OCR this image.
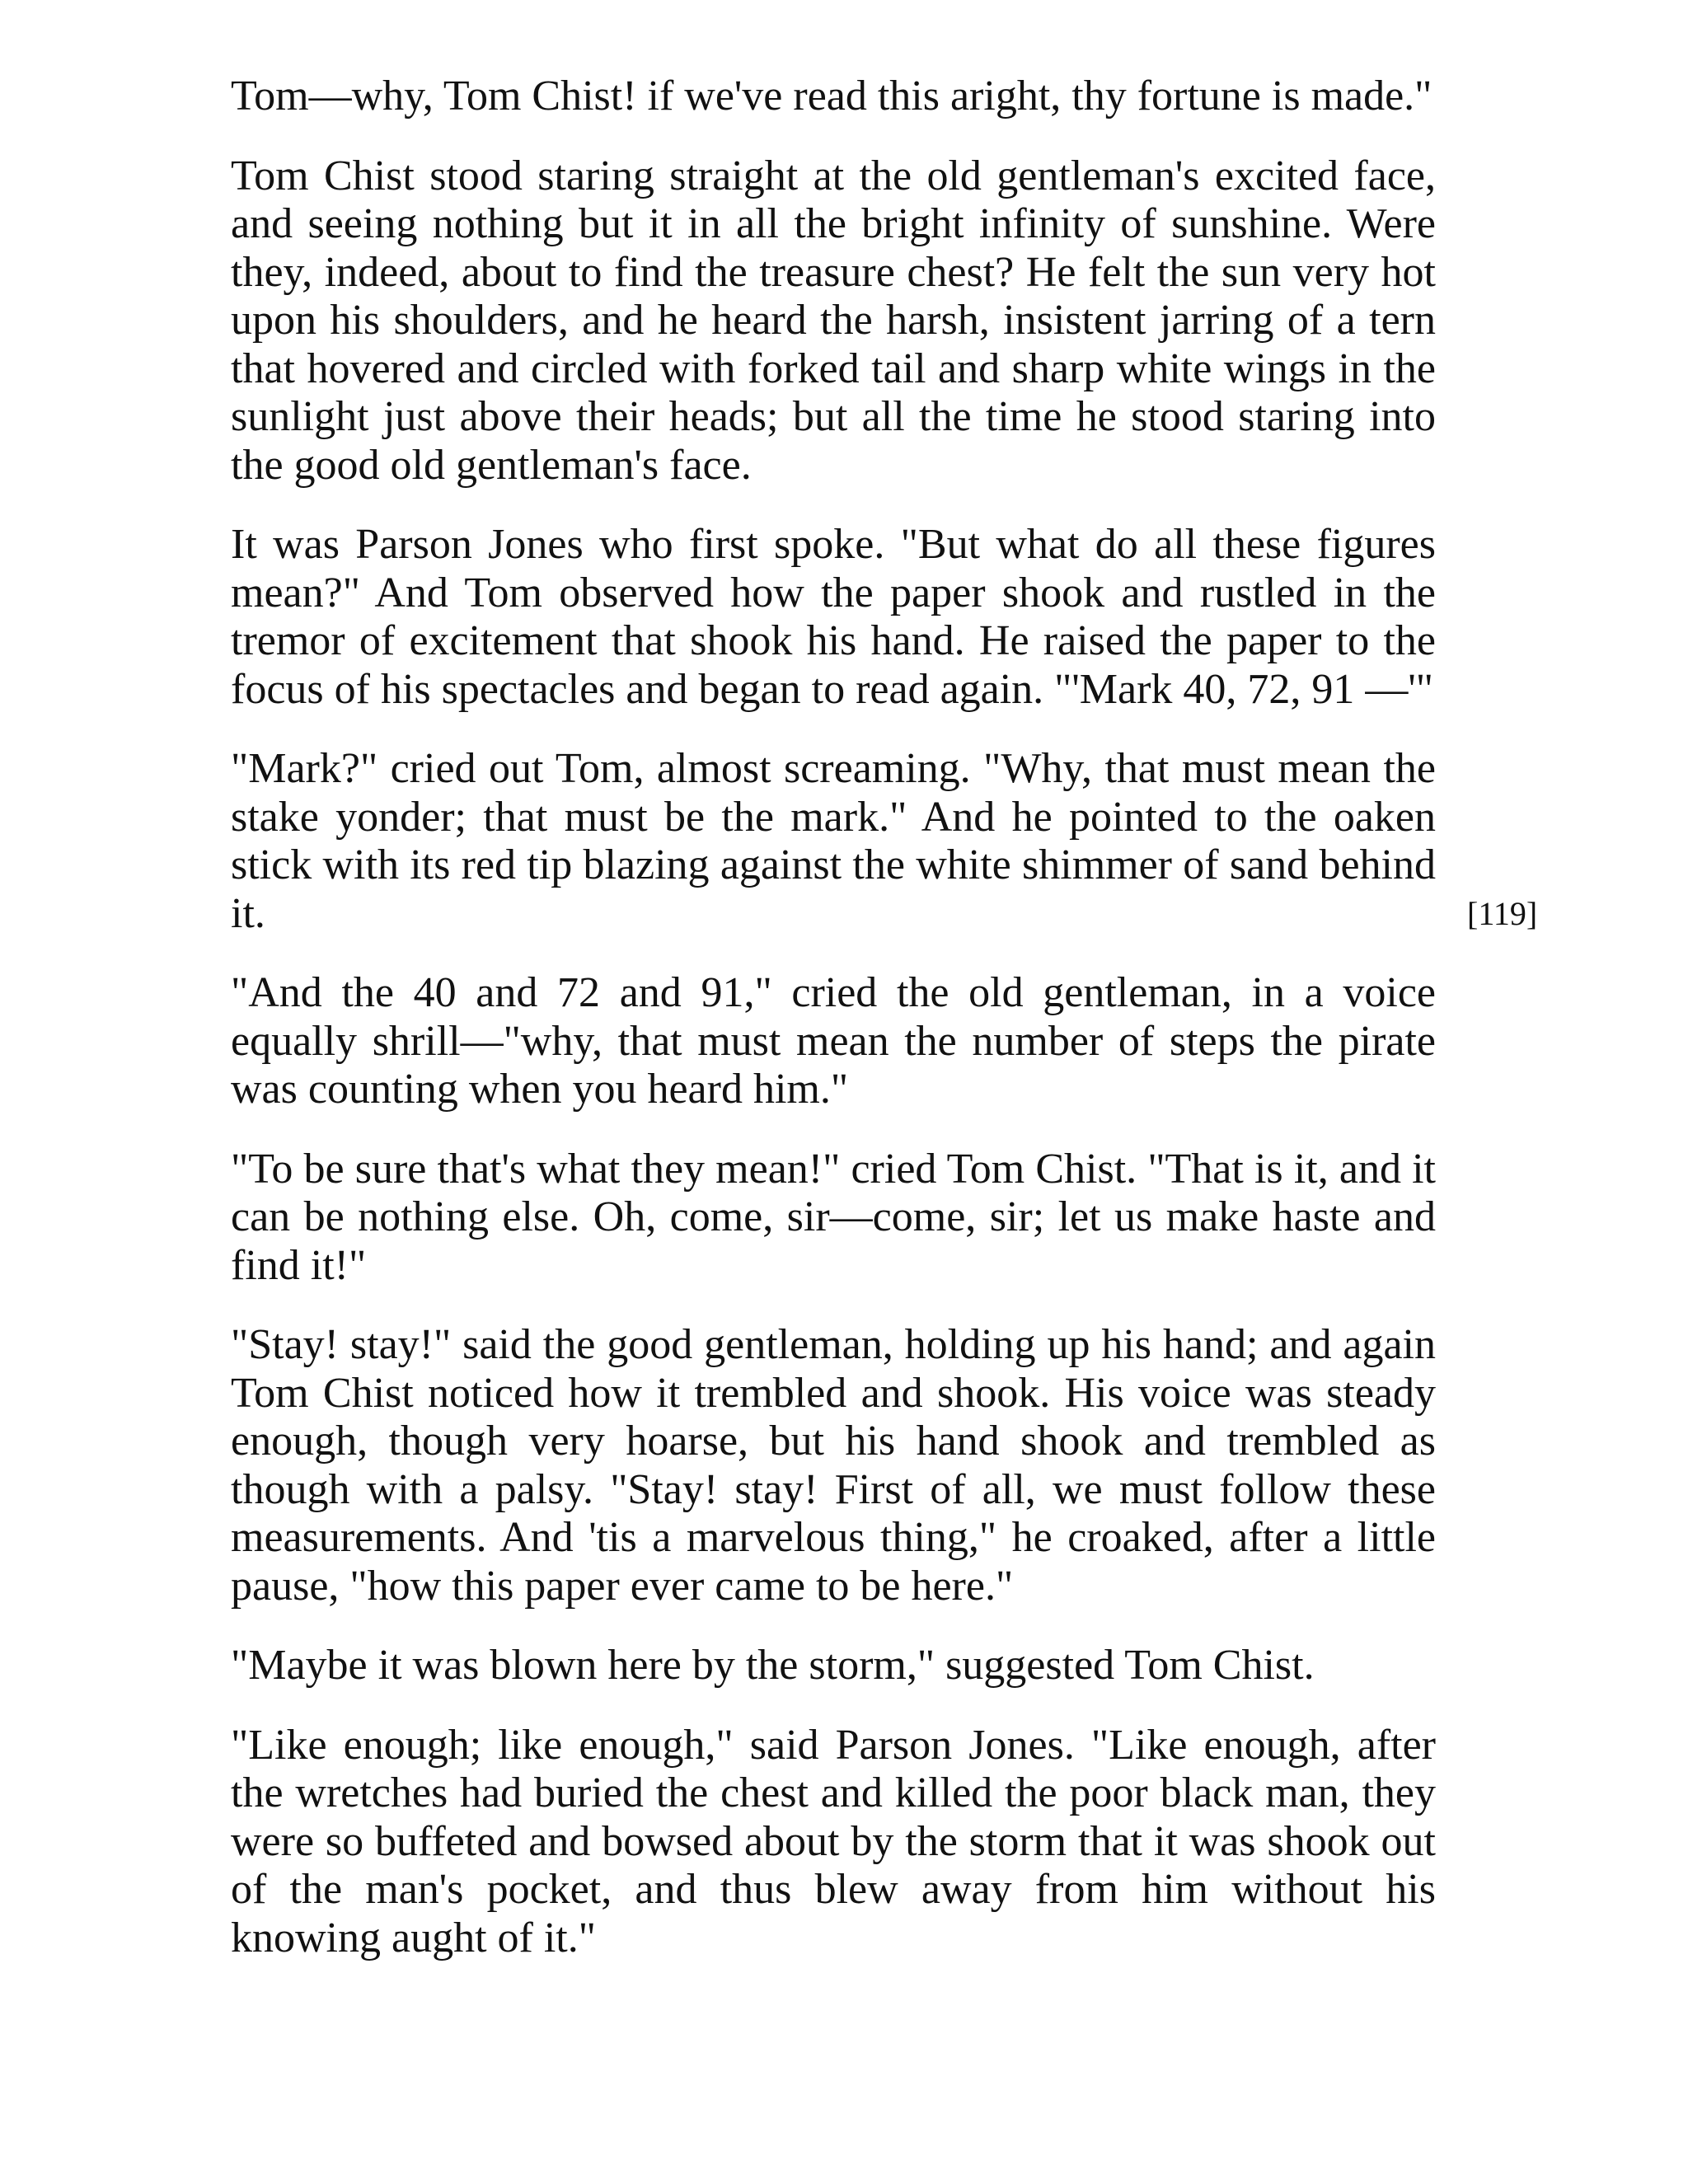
Tom—why, Tom Chist! if we've read this aright, thy fortune is made."

Tom Chist stood staring straight at the old gentleman's excited face, and seeing nothing but it in all the bright infinity of sunshine. Were they, indeed, about to find the treasure chest? He felt the sun very hot upon his shoulders, and he heard the harsh, insistent jarring of a tern that hovered and circled with forked tail and sharp white wings in the sunlight just above their heads; but all the time he stood staring into the good old gentleman's face.

It was Parson Jones who first spoke. "But what do all these figures mean?" And Tom observed how the paper shook and rustled in the tremor of excitement that shook his hand. He raised the paper to the focus of his spectacles and began to read again. "'Mark 40, 72, 91 —'"

"Mark?" cried out Tom, almost screaming. "Why, that must mean the stake yonder; that must be the mark." And he pointed to the oaken stick with its red tip blazing against the white shimmer of sand behind it.

"And the 40 and 72 and 91," cried the old gentleman, in a voice equally shrill—"why, that must mean the number of steps the pirate was counting when you heard him."

"To be sure that's what they mean!" cried Tom Chist. "That is it, and it can be nothing else. Oh, come, sir—come, sir; let us make haste and find it!"

"Stay! stay!" said the good gentleman, holding up his hand; and again Tom Chist noticed how it trembled and shook. His voice was steady enough, though very hoarse, but his hand shook and trembled as though with a palsy. "Stay! stay! First of all, we must follow these measurements. And 'tis a marvelous thing," he croaked, after a little pause, "how this paper ever came to be here."

"Maybe it was blown here by the storm," suggested Tom Chist.

"Like enough; like enough," said Parson Jones. "Like enough, after the wretches had buried the chest and killed the poor black man, they were so buffeted and bowsed about by the storm that it was shook out of the man's pocket, and thus blew away from him without his knowing aught of it."

[119]
